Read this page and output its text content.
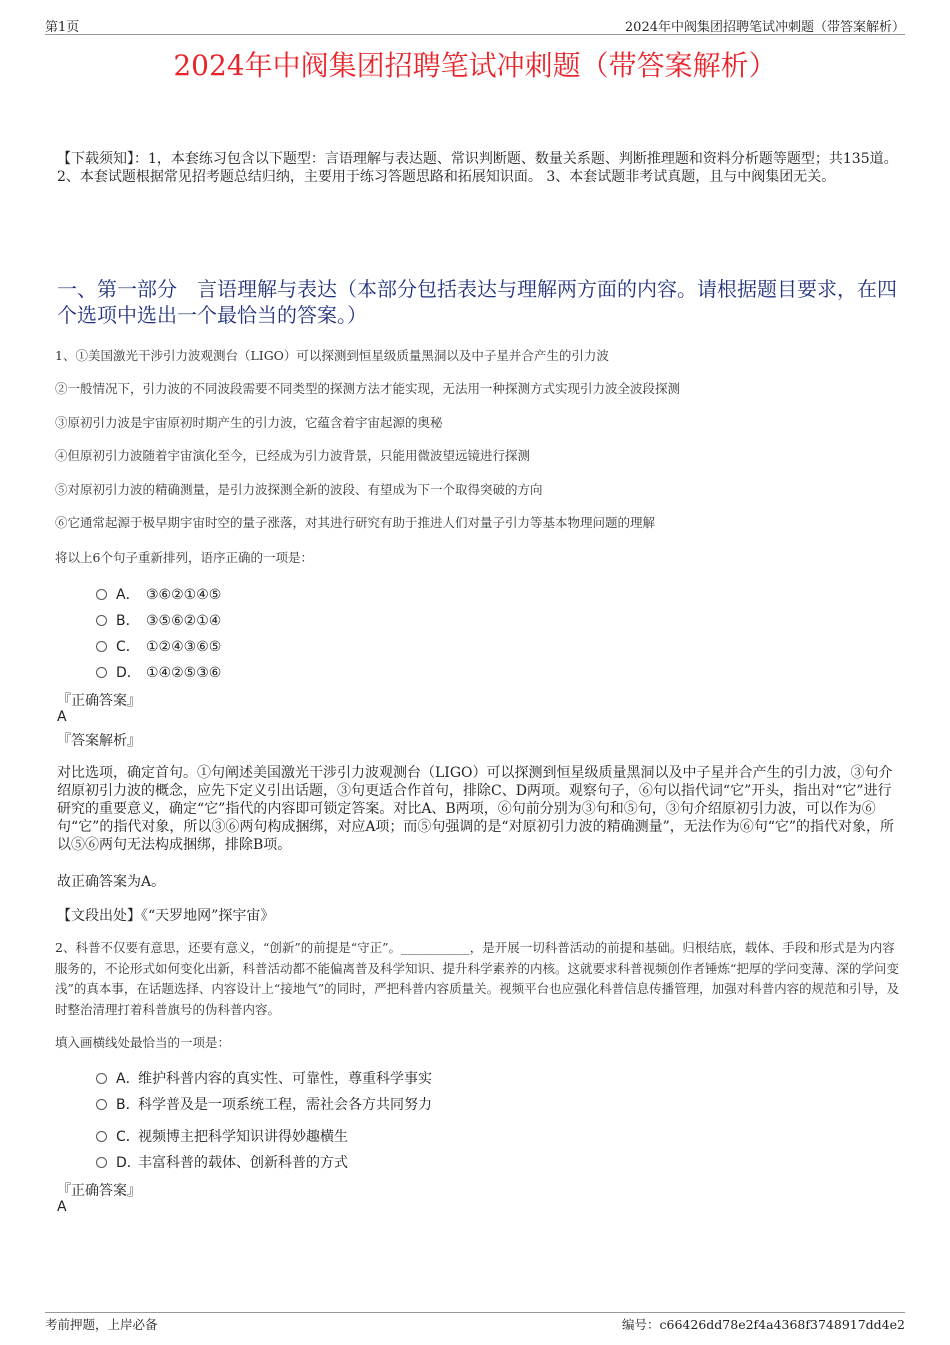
第1页	2024年中阀集团招聘笔试冲刺题（带答案解析）
2024年中阀集团招聘笔试冲刺题（带答案解析）
【下载须知】：1，本套练习包含以下题型：言语理解与表达题、常识判断题、数量关系题、判断推理题和资料分析题等题型；共135道。 2、本套试题根据常见招考题总结归纳，主要用于练习答题思路和拓展知识面。 3、本套试题非考试真题，且与中阀集团无关。
一、第一部分　言语理解与表达（本部分包括表达与理解两方面的内容。请根据题目要求，在四个选项中选出一个最恰当的答案。）
1、①美国激光干涉引力波观测台（LIGO）可以探测到恒星级质量黑洞以及中子星并合产生的引力波
②一般情况下，引力波的不同波段需要不同类型的探测方法才能实现，无法用一种探测方式实现引力波全波段探测
③原初引力波是宇宙原初时期产生的引力波，它蕴含着宇宙起源的奥秘
④但原初引力波随着宇宙演化至今，已经成为引力波背景，只能用微波望远镜进行探测
⑤对原初引力波的精确测量，是引力波探测全新的波段、有望成为下一个取得突破的方向
⑥它通常起源于极早期宇宙时空的量子涨落，对其进行研究有助于推进人们对量子引力等基本物理问题的理解
将以上6个句子重新排列，语序正确的一项是：
A． ③⑥②①④⑤
B． ③⑤⑥②①④
C． ①②④③⑥⑤
D． ①④②⑤③⑥
『正确答案』
A
『答案解析』
对比选项，确定首句。①句阐述美国激光干涉引力波观测台（LIGO）可以探测到恒星级质量黑洞以及中子星并合产生的引力波，③句介绍原初引力波的概念，应先下定义引出话题，③句更适合作首句，排除C、D两项。观察句子，⑥句以指代词“它”开头，指出对“它”进行研究的重要意义，确定“它”指代的内容即可锁定答案。对比A、B两项，⑥句前分别为③句和⑤句，③句介绍原初引力波，可以作为⑥句“它”的指代对象，所以③⑥两句构成捆绑，对应A项；而⑤句强调的是“对原初引力波的精确测量”，无法作为⑥句“它”的指代对象，所以⑤⑥两句无法构成捆绑，排除B项。
故正确答案为A。
【文段出处】《“天罗地网”探宇宙》
2、科普不仅要有意思，还要有意义，“创新”的前提是“守正”。___________，是开展一切科普活动的前提和基础。归根结底，载体、手段和形式是为内容服务的，不论形式如何变化出新，科普活动都不能偏离普及科学知识、提升科学素养的内核。这就要求科普视频创作者锤炼“把厚的学问变薄、深的学问变浅”的真本事，在话题选择、内容设计上“接地气”的同时，严把科普内容质量关。视频平台也应强化科普信息传播管理，加强对科普内容的规范和引导，及时整治清理打着科普旗号的伪科普内容。
填入画横线处最恰当的一项是：
A．维护科普内容的真实性、可靠性，尊重科学事实
B．科学普及是一项系统工程，需社会各方共同努力
C．视频博主把科学知识讲得妙趣横生
D．丰富科普的载体、创新科普的方式
『正确答案』
A
考前押题，上岸必备	编号：c66426dd78e2f4a4368f3748917dd4e2
